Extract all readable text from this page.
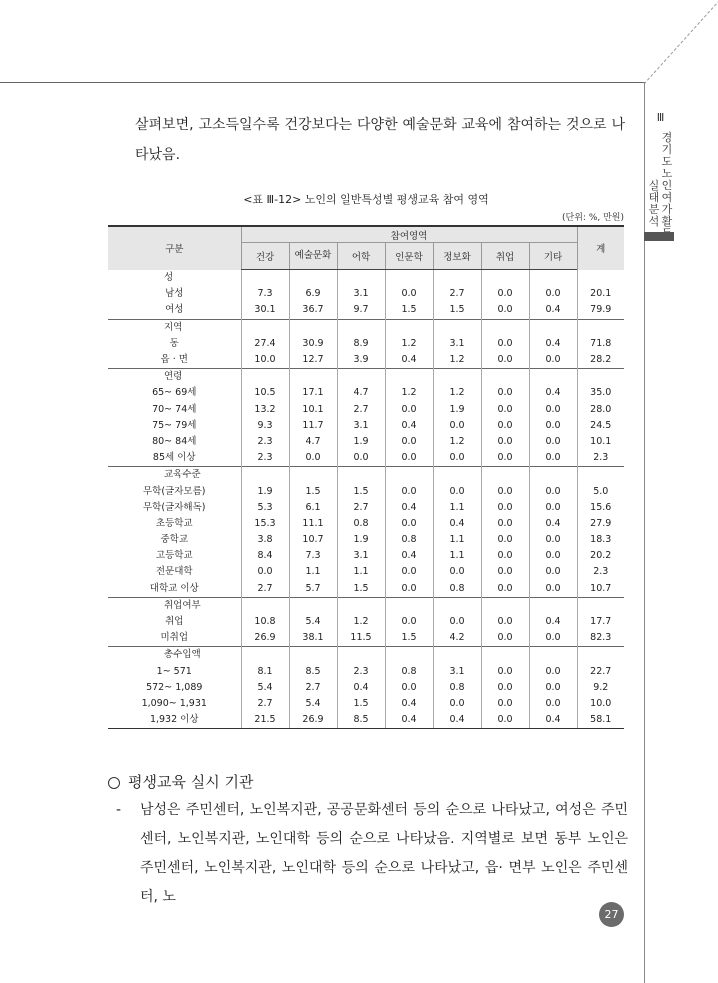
Ⅲ
경기도 노인여가활
실태분석
살펴보면, 고소득일수록 건강보다는 다양한 예술문화 교육에 참여하는 것으로 나
타났음.
<표 Ⅲ-12> 노인의 일반특성별 평생교육 참여 영역
(단위: %, 만원)
구분	참여영역							계
	건강	예술문화	어학	인문학	정보화	취업	기타	
성								
남성	7.3	6.9	3.1	0.0	2.7	0.0	0.0	20.1
여성	30.1	36.7	9.7	1.5	1.5	0.0	0.4	79.9
지역								
동	27.4	30.9	8.9	1.2	3.1	0.0	0.4	71.8
읍 · 면	10.0	12.7	3.9	0.4	1.2	0.0	0.0	28.2
연령								
65~ 69세	10.5	17.1	4.7	1.2	1.2	0.0	0.4	35.0
70~ 74세	13.2	10.1	2.7	0.0	1.9	0.0	0.0	28.0
75~ 79세	9.3	11.7	3.1	0.4	0.0	0.0	0.0	24.5
80~ 84세	2.3	4.7	1.9	0.0	1.2	0.0	0.0	10.1
85세 이상	2.3	0.0	0.0	0.0	0.0	0.0	0.0	2.3
교육수준								
무학(글자모름)	1.9	1.5	1.5	0.0	0.0	0.0	0.0	5.0
무학(글자해독)	5.3	6.1	2.7	0.4	1.1	0.0	0.0	15.6
초등학교	15.3	11.1	0.8	0.0	0.4	0.0	0.4	27.9
중학교	3.8	10.7	1.9	0.8	1.1	0.0	0.0	18.3
고등학교	8.4	7.3	3.1	0.4	1.1	0.0	0.0	20.2
전문대학	0.0	1.1	1.1	0.0	0.0	0.0	0.0	2.3
대학교 이상	2.7	5.7	1.5	0.0	0.8	0.0	0.0	10.7
취업여부								
취업	10.8	5.4	1.2	0.0	0.0	0.0	0.4	17.7
미취업	26.9	38.1	11.5	1.5	4.2	0.0	0.0	82.3
총수입액								
1~ 571	8.1	8.5	2.3	0.8	3.1	0.0	0.0	22.7
572~ 1,089	5.4	2.7	0.4	0.0	0.8	0.0	0.0	9.2
1,090~ 1,931	2.7	5.4	1.5	0.4	0.0	0.0	0.0	10.0
1,932 이상	21.5	26.9	8.5	0.4	0.4	0.0	0.4	58.1
평생교육 실시 기관
-	남성은 주민센터, 노인복지관, 공공문화센터 등의 순으로 나타났고, 여성은 주민센터, 노인복지관, 노인대학 등의 순으로 나타났음. 지역별로 보면 동부 노인은 주민센터, 노인복지관, 노인대학 등의 순으로 나타났고, 읍· 면부 노인은 주민센터, 노
27
